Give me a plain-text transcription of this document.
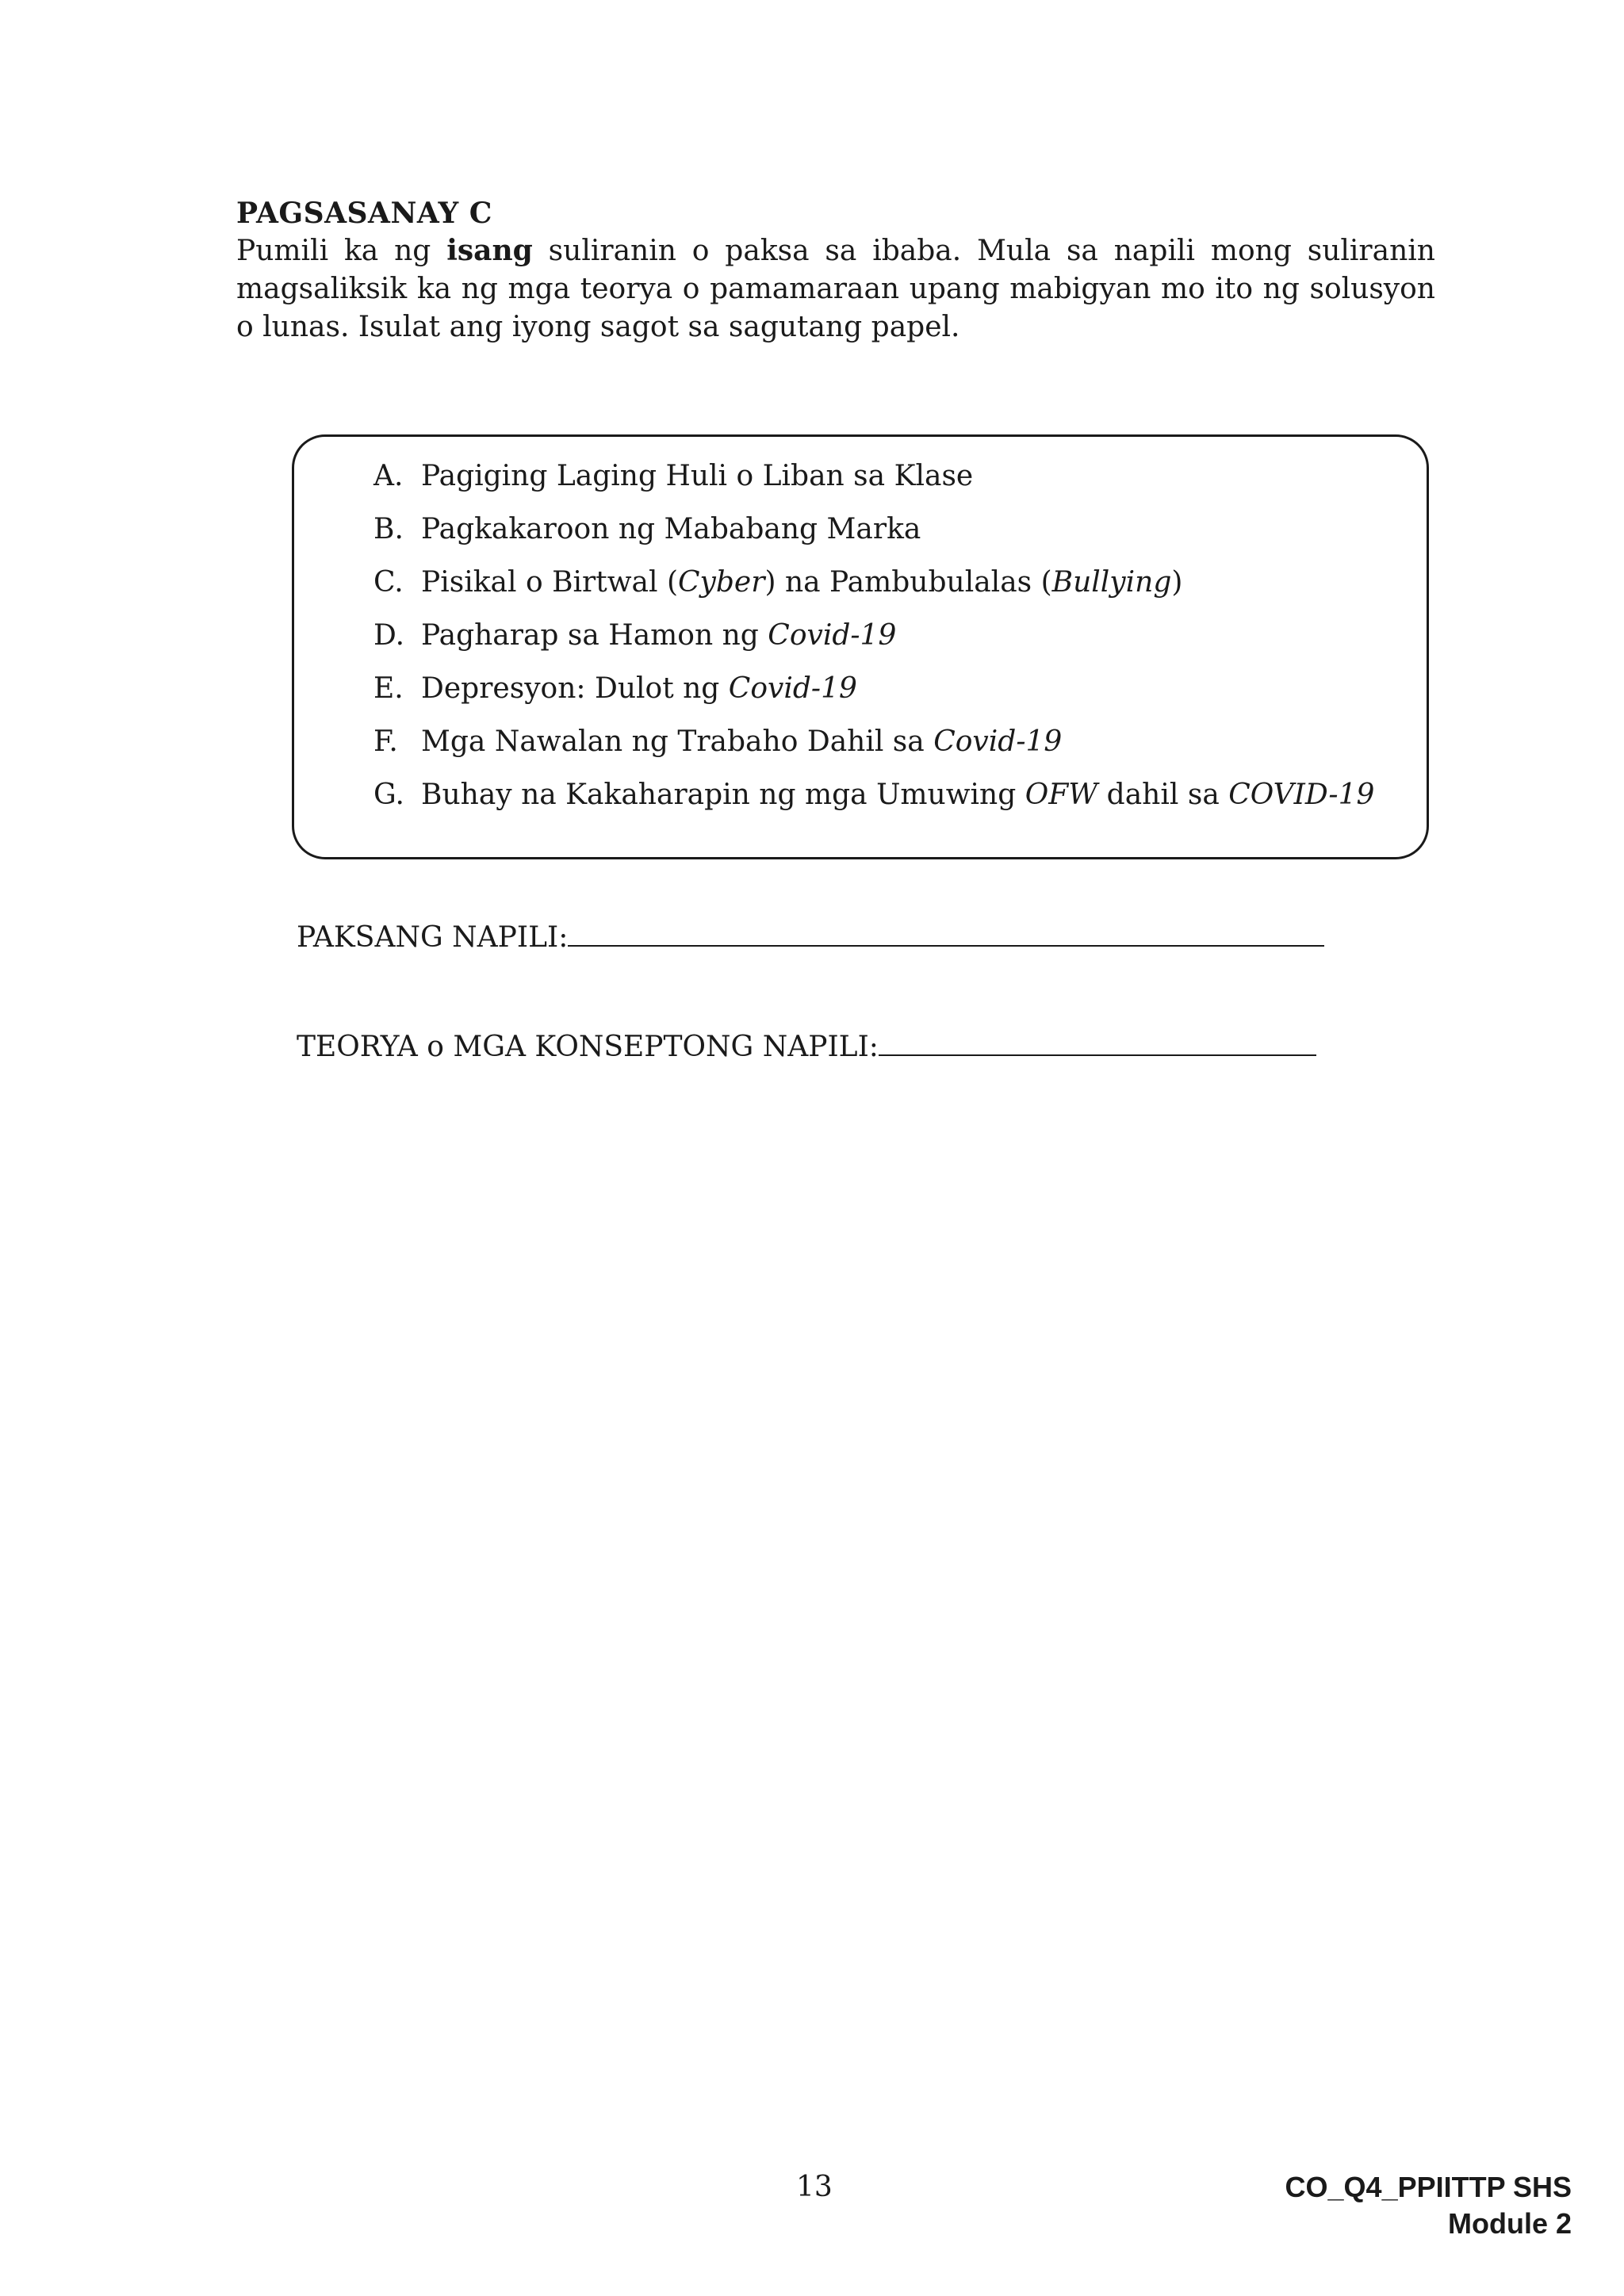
PAGSASANAY C
Pumili ka ng isang suliranin o paksa sa ibaba. Mula sa napili mong suliranin magsaliksik ka ng mga teorya o pamamaraan upang mabigyan mo ito ng solusyon o lunas. Isulat ang iyong sagot sa sagutang papel.
A. Pagiging Laging Huli o Liban sa Klase
B. Pagkakaroon ng Mababang Marka
C. Pisikal o Birtwal (Cyber) na Pambubulalas (Bullying)
D. Pagharap sa Hamon ng Covid-19
E. Depresyon: Dulot ng Covid-19
F. Mga Nawalan ng Trabaho Dahil sa Covid-19
G. Buhay na Kakaharapin ng mga Umuwing OFW dahil sa COVID-19
PAKSANG NAPILI:
TEORYA o MGA KONSEPTONG NAPILI:
13	CO_Q4_PPIITTP SHS
Module 2
